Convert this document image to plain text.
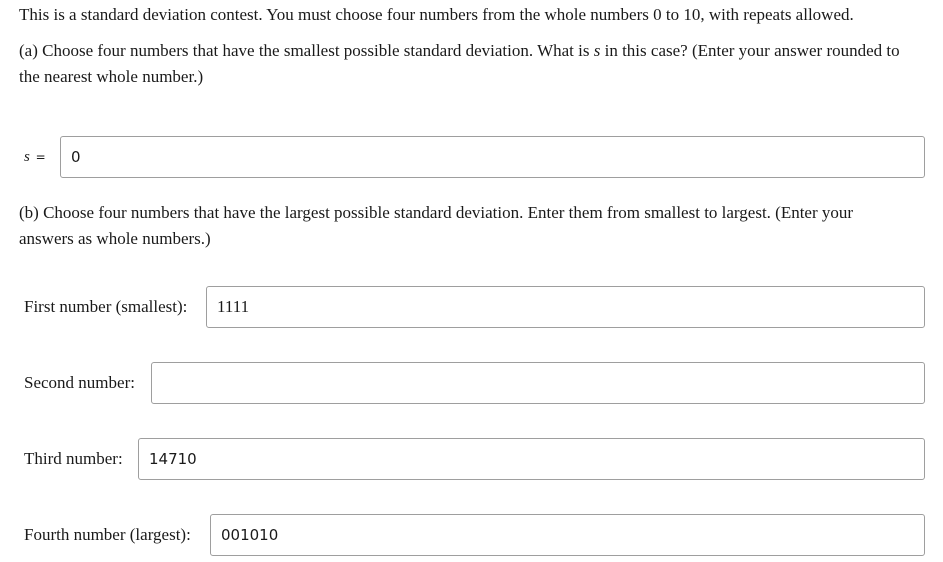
This is a standard deviation contest. You must choose four numbers from the whole numbers 0 to 10, with repeats allowed.

(a) Choose four numbers that have the smallest possible standard deviation. What is s in this case? (Enter your answer rounded to the nearest whole number.)

s =
0

(b) Choose four numbers that have the largest possible standard deviation. Enter them from smallest to largest. (Enter your answers as whole numbers.)

First number (smallest):
1111
Second number:
Third number:
14710
Fourth number (largest):
001010
